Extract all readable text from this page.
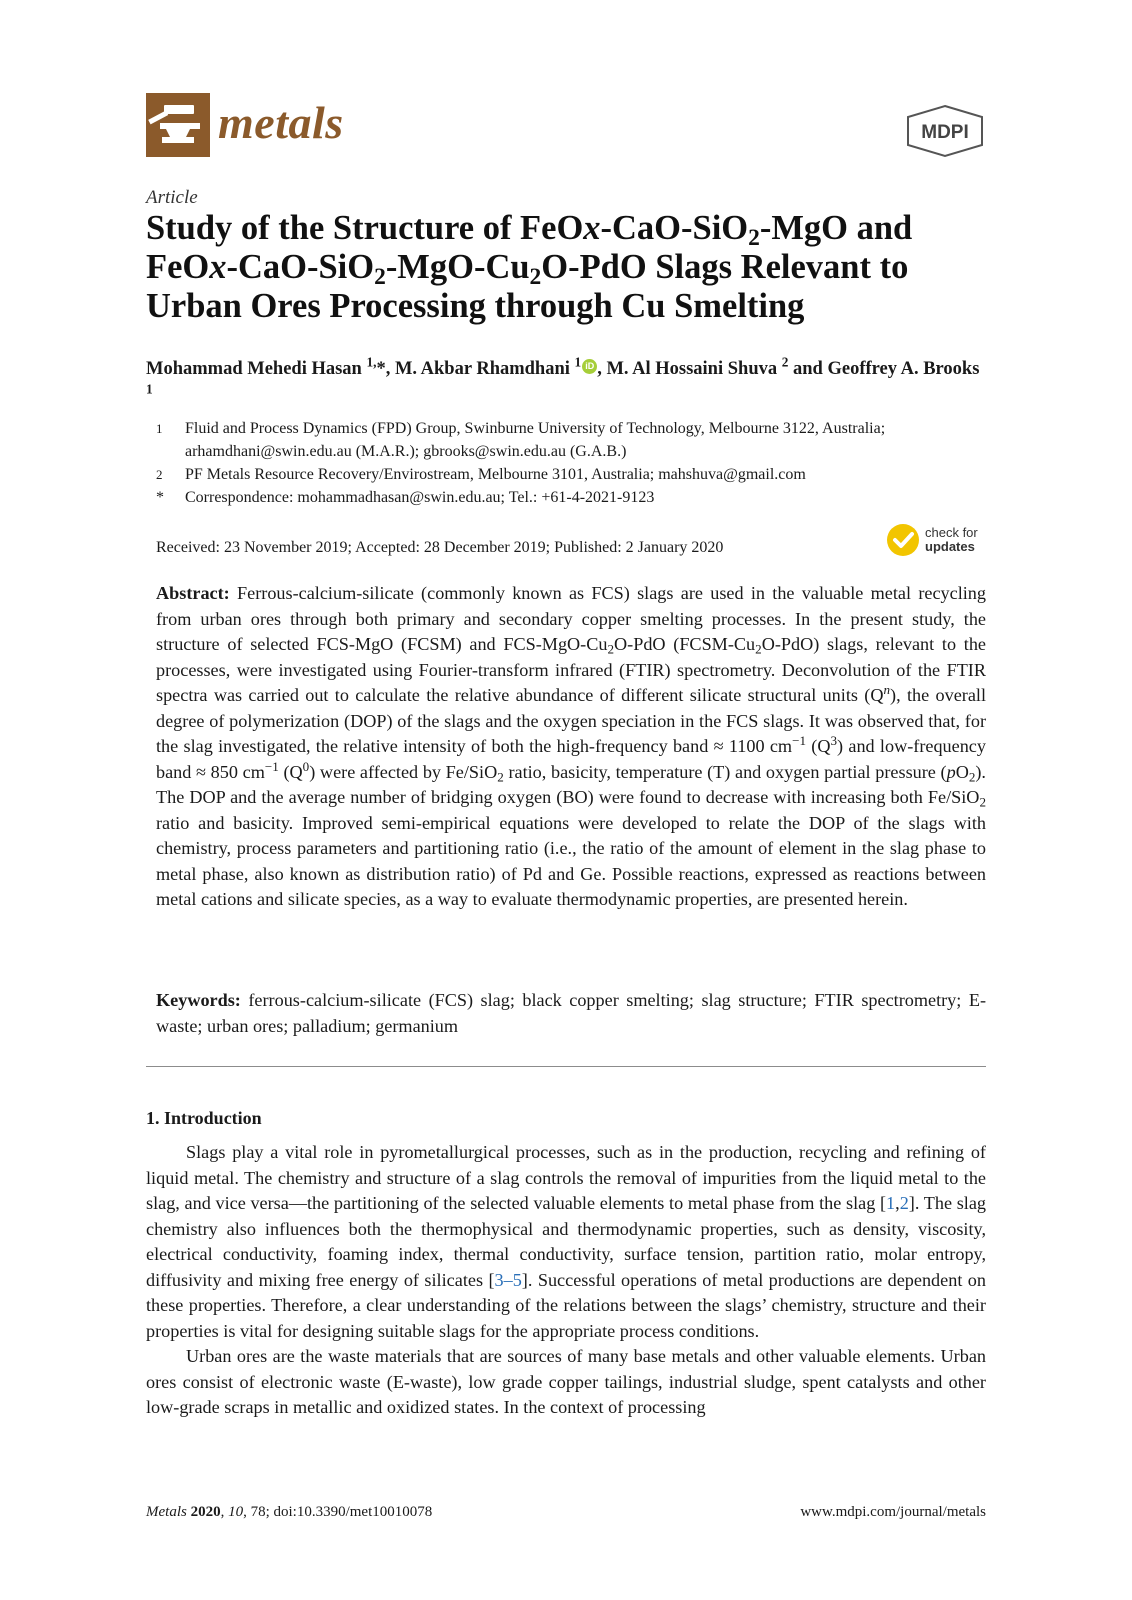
metals	MDPI
Article
Study of the Structure of FeOx-CaO-SiO$_2$-MgO and FeOx-$CaO-SiO_2-MgO-Cu_2O$-PdO Slags Relevant to Urban Ores Processing through Cu Smelting
Mohammad Mehedi Hasan $^{1,}$*, M. Akbar Rhamdhani $^1$ iD , M. Al Hossaini Shuva $^2$ and Geoffrey A. Brooks $^1$
1	Fluid and Process Dynamics (FPD) Group, Swinburne University of Technology, Melbourne 3122, Australia; arhamdhani@swin.edu.au (M.A.R.); gbrooks@swin.edu.au (G.A.B.)
2	PF Metals Resource Recovery/Envirostream, Melbourne 3101, Australia; mahshuva@gmail.com
*	Correspondence: mohammadhasan@swin.edu.au; Tel.: +61-4-2021-9123
Received: 23 November 2019; Accepted: 28 December 2019; Published: 2 January 2020
check for
updates
Abstract: Ferrous-calcium-silicate (commonly known as FCS) slags are used in the valuable metal recycling from urban ores through both primary and secondary copper smelting processes. In the present study, the structure of selected FCS-MgO (FCSM) and FCS-$MgO-Cu_2O$-PdO $(FCSM-Cu_2O-PdO)$ slags, relevant to the processes, were investigated using Fourier-transform infrared (FTIR) spectrometry. Deconvolution of the FTIR spectra was carried out to calculate the relative abundance of different silicate structural units $(Q^n)$, the overall degree of polymerization (DOP) of the slags and the oxygen speciation in the FCS slags. It was observed that, for the slag investigated, the relative intensity of both the high-frequency band ≈ 1100 $cm^{-1}$ $(Q^3)$ and low-frequency band ≈ 850 $cm^{-1}$ $(Q^0)$ were affected by Fe/SiO$_2$ ratio, basicity, temperature (T) and oxygen partial pressure $(pO_2)$. The DOP and the average number of bridging oxygen (BO) were found to decrease with increasing both Fe/SiO$_2$ ratio and basicity. Improved semi-empirical equations were developed to relate the DOP of the slags with chemistry, process parameters and partitioning ratio (i.e., the ratio of the amount of element in the slag phase to metal phase, also known as distribution ratio) of Pd and Ge. Possible reactions, expressed as reactions between metal cations and silicate species, as a way to evaluate thermodynamic properties, are presented herein.
Keywords: ferrous-calcium-silicate (FCS) slag; black copper smelting; slag structure; FTIR spectrometry; E-waste; urban ores; palladium; germanium
1. Introduction

Slags play a vital role in pyrometallurgical processes, such as in the production, recycling and refining of liquid metal. The chemistry and structure of a slag controls the removal of impurities from the liquid metal to the slag, and vice versa—the partitioning of the selected valuable elements to metal phase from the slag [1,2]. The slag chemistry also influences both the thermophysical and thermodynamic properties, such as density, viscosity, electrical conductivity, foaming index, thermal conductivity, surface tension, partition ratio, molar entropy, diffusivity and mixing free energy of silicates [3–5]. Successful operations of metal productions are dependent on these properties. Therefore, a clear understanding of the relations between the slags’ chemistry, structure and their properties is vital for designing suitable slags for the appropriate process conditions.

Urban ores are the waste materials that are sources of many base metals and other valuable elements. Urban ores consist of electronic waste (E-waste), low grade copper tailings, industrial sludge, spent catalysts and other low-grade scraps in metallic and oxidized states. In the context of processing

Metals 2020, 10, 78; doi:10.3390/met10010078	www.mdpi.com/journal/metals
